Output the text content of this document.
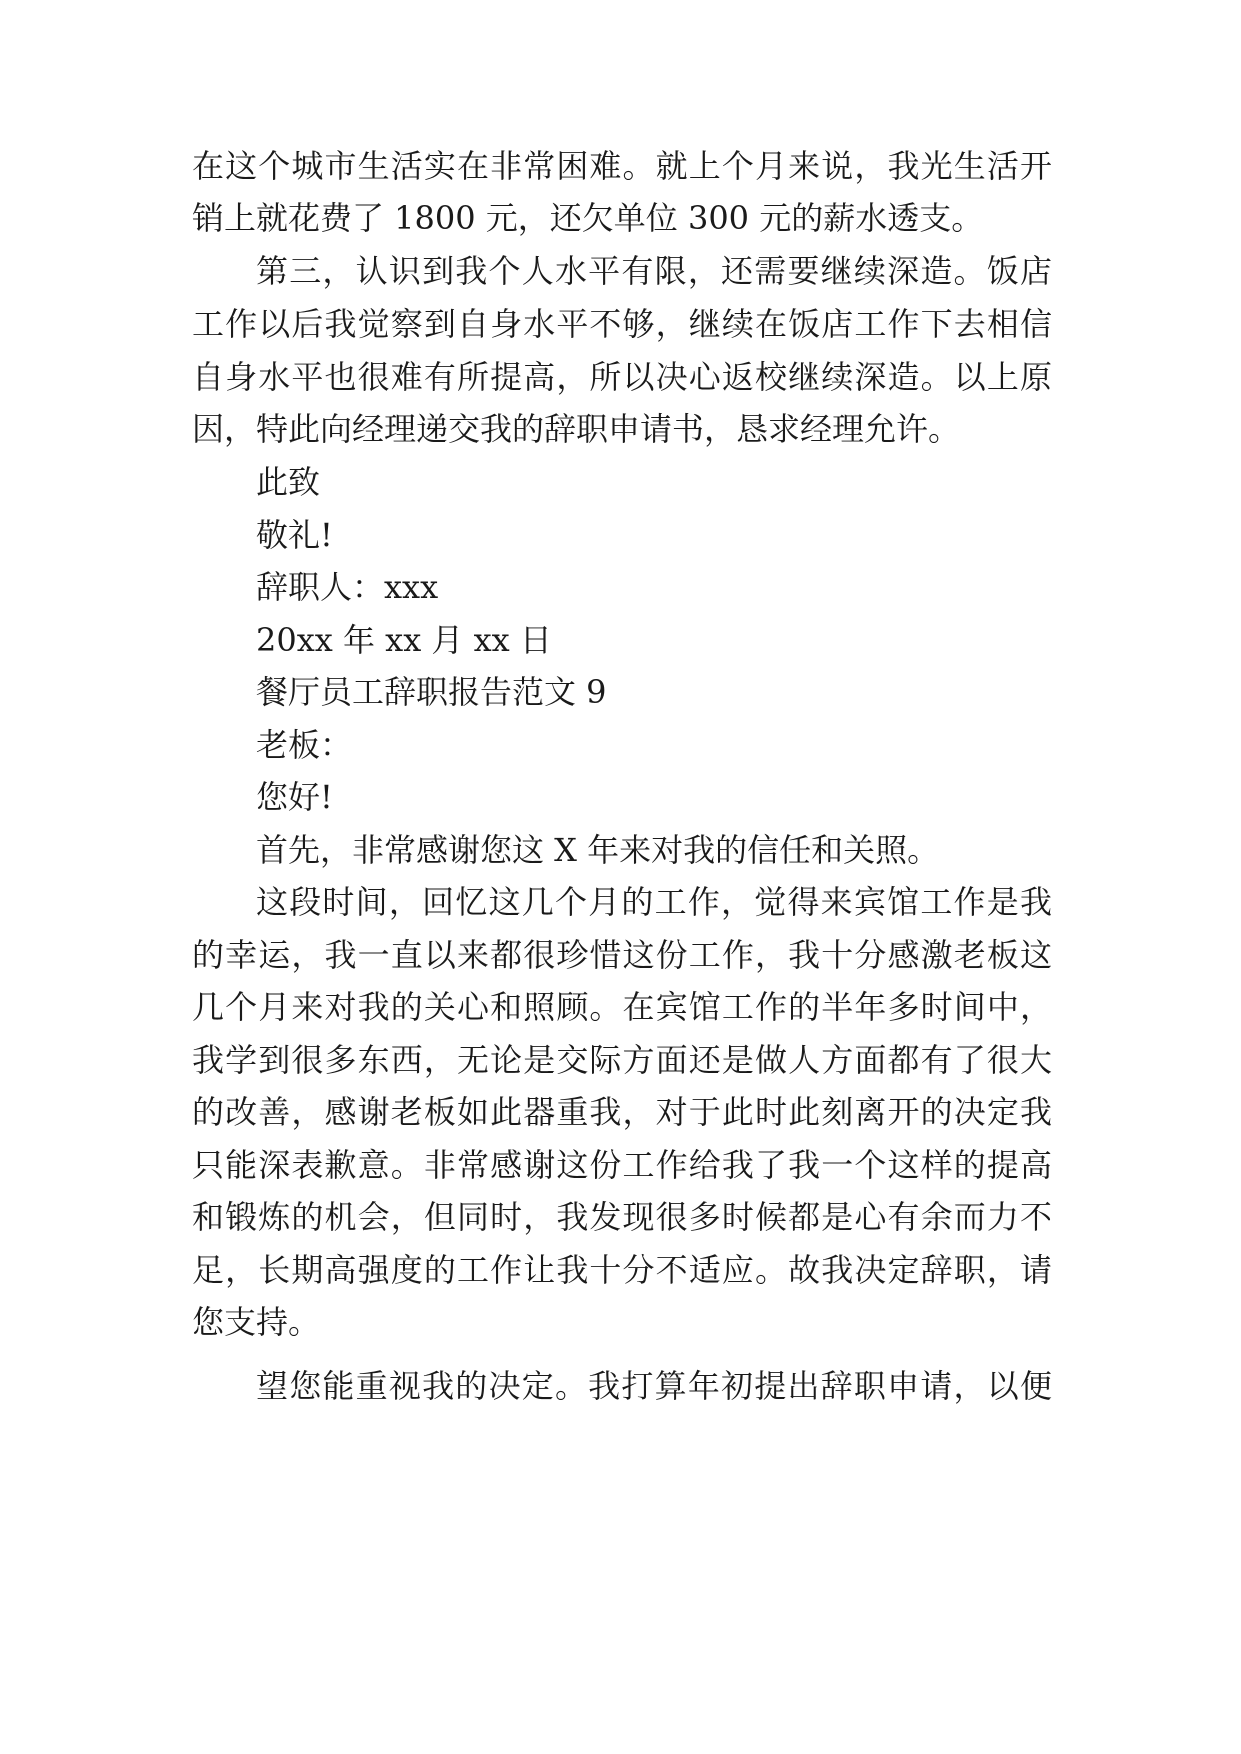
在这个城市生活实在非常困难。就上个月来说，我光生活开
销上就花费了 1800 元，还欠单位 300 元的薪水透支。
第三，认识到我个人水平有限，还需要继续深造。饭店
工作以后我觉察到自身水平不够，继续在饭店工作下去相信
自身水平也很难有所提高，所以决心返校继续深造。以上原
因，特此向经理递交我的辞职申请书，恳求经理允许。
此致
敬礼!
辞职人：xxx
20xx 年 xx 月 xx 日
餐厅员工辞职报告范文 9
老板：
您好!
首先，非常感谢您这 X 年来对我的信任和关照。
这段时间，回忆这几个月的工作，觉得来宾馆工作是我
的幸运，我一直以来都很珍惜这份工作，我十分感激老板这
几个月来对我的关心和照顾。在宾馆工作的半年多时间中，
我学到很多东西，无论是交际方面还是做人方面都有了很大
的改善，感谢老板如此器重我，对于此时此刻离开的决定我
只能深表歉意。非常感谢这份工作给我了我一个这样的提高
和锻炼的机会，但同时，我发现很多时候都是心有余而力不
足，长期高强度的工作让我十分不适应。故我决定辞职，请
您支持。
望您能重视我的决定。我打算年初提出辞职申请，以便
